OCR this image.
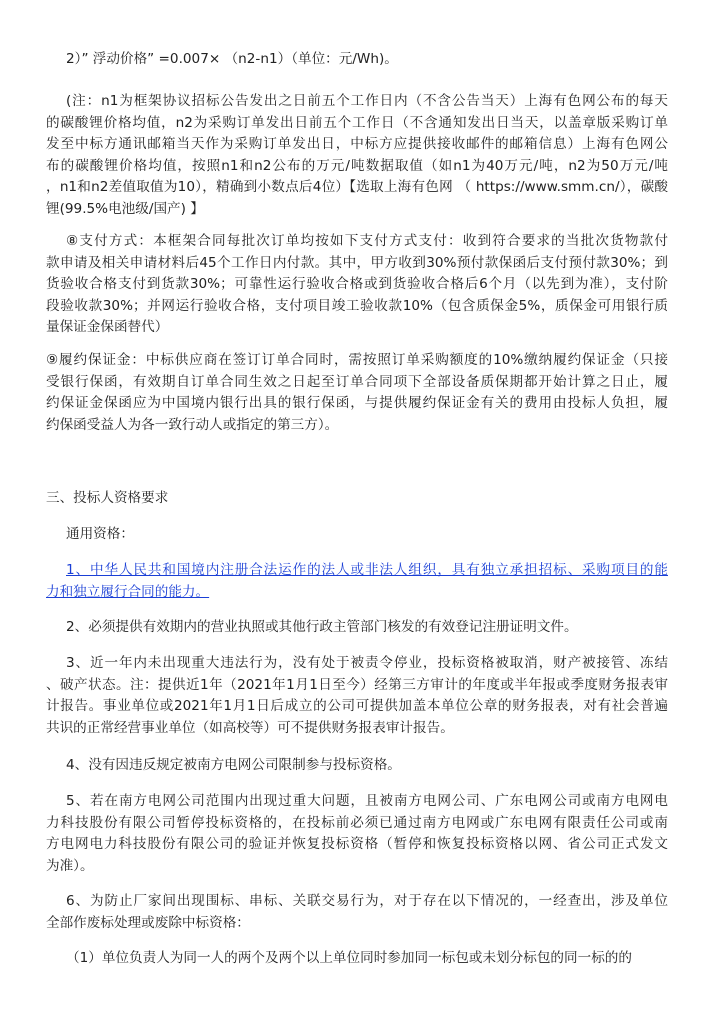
2）” 浮动价格” =0.007× （n2-n1）（单位：元/Wh)。
(注：n1为框架协议招标公告发出之日前五个工作日内（不含公告当天）上海有色网公布的每天
的碳酸锂价格均值，n2为采购订单发出日前五个工作日（不含通知发出日当天，以盖章版采购订单
发至中标方通讯邮箱当天作为采购订单发出日，中标方应提供接收邮件的邮箱信息）上海有色网公
布的碳酸锂价格均值，按照n1和n2公布的万元/吨数据取值（如n1为40万元/吨，n2为50万元/吨
，n1和n2差值取值为10），精确到小数点后4位）【选取上海有色网 （ https://www.smm.cn/），碳酸
锂(99.5%电池级/国产) 】
⑧支付方式：本框架合同每批次订单均按如下支付方式支付：收到符合要求的当批次货物款付
款申请及相关申请材料后45个工作日内付款。其中，甲方收到30%预付款保函后支付预付款30%；到
货验收合格支付到货款30%；可靠性运行验收合格或到货验收合格后6个月（以先到为准），支付阶
段验收款30%；并网运行验收合格，支付项目竣工验收款10%（包含质保金5%，质保金可用银行质
量保证金保函替代）
⑨履约保证金：中标供应商在签订订单合同时，需按照订单采购额度的10%缴纳履约保证金（只接
受银行保函，有效期自订单合同生效之日起至订单合同项下全部设备质保期都开始计算之日止，履
约保证金保函应为中国境内银行出具的银行保函，与提供履约保证金有关的费用由投标人负担，履
约保函受益人为各一致行动人或指定的第三方）。
三、投标人资格要求
通用资格：
1、中华人民共和国境内注册合法运作的法人或非法人组织，具有独立承担招标、采购项目的能
力和独立履行合同的能力。
2、必须提供有效期内的营业执照或其他行政主管部门核发的有效登记注册证明文件。
3、近一年内未出现重大违法行为，没有处于被责令停业，投标资格被取消，财产被接管、冻结
、破产状态。注：提供近1年（2021年1月1日至今）经第三方审计的年度或半年报或季度财务报表审
计报告。事业单位或2021年1月1日后成立的公司可提供加盖本单位公章的财务报表，对有社会普遍
共识的正常经营事业单位（如高校等）可不提供财务报表审计报告。
4、没有因违反规定被南方电网公司限制参与投标资格。
5、若在南方电网公司范围内出现过重大问题，且被南方电网公司、广东电网公司或南方电网电
力科技股份有限公司暂停投标资格的，在投标前必须已通过南方电网或广东电网有限责任公司或南
方电网电力科技股份有限公司的验证并恢复投标资格（暂停和恢复投标资格以网、省公司正式发文
为准）。
6、为防止厂家间出现围标、串标、关联交易行为，对于存在以下情况的，一经查出，涉及单位
全部作废标处理或废除中标资格：
（1）单位负责人为同一人的两个及两个以上单位同时参加同一标包或未划分标包的同一标的的
